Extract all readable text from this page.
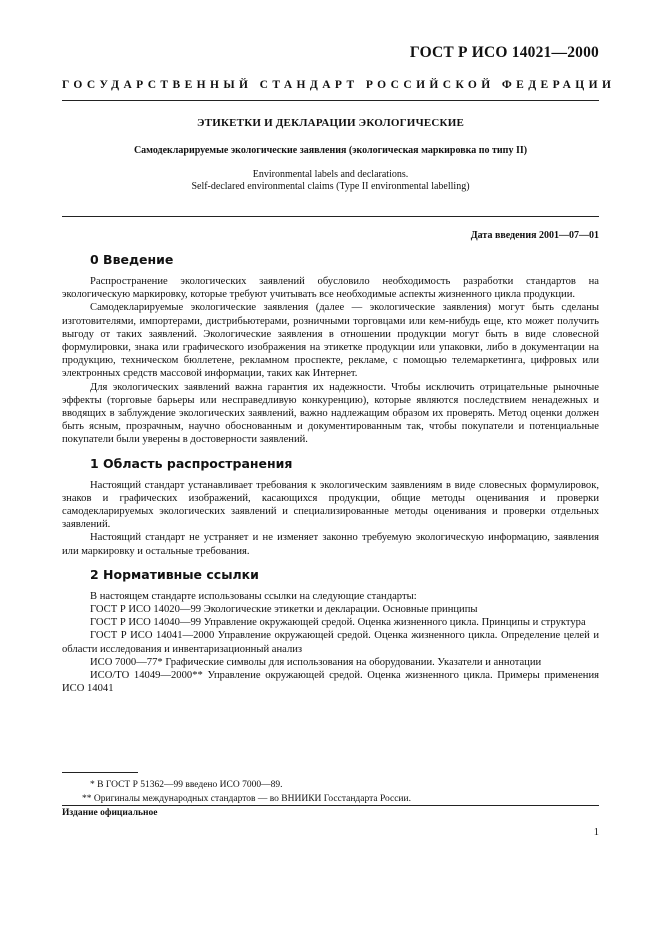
ГОСТ Р ИСО 14021—2000
ГОСУДАРСТВЕННЫЙ СТАНДАРТ РОССИЙСКОЙ ФЕДЕРАЦИИ
ЭТИКЕТКИ И ДЕКЛАРАЦИИ ЭКОЛОГИЧЕСКИЕ
Самодекларируемые экологические заявления (экологическая маркировка по типу II)
Environmental labels and declarations.
Self-declared environmental claims (Type II environmental labelling)
Дата введения 2001—07—01
0 Введение

Распространение экологических заявлений обусловило необходимость разработки стандартов на экологическую маркировку, которые требуют учитывать все необходимые аспекты жизненного цикла продукции.

Самодекларируемые экологические заявления (далее — экологические заявления) могут быть сделаны изготовителями, импортерами, дистрибьютерами, розничными торговцами или кем-нибудь еще, кто может получить выгоду от таких заявлений. Экологические заявления в отношении продукции могут быть в виде словесной формулировки, знака или графического изображения на этикетке продукции или упаковки, либо в документации на продукцию, техническом бюллетене, рекламном проспекте, рекламе, с помощью телемаркетинга, цифровых или электронных средств массовой информации, таких как Интернет.

Для экологических заявлений важна гарантия их надежности. Чтобы исключить отрицательные рыночные эффекты (торговые барьеры или несправедливую конкуренцию), которые являются последствием ненадежных и вводящих в заблуждение экологических заявлений, важно надлежащим образом их проверять. Метод оценки должен быть ясным, прозрачным, научно обоснованным и документированным так, чтобы покупатели и потенциальные покупатели были уверены в достоверности заявлений.

1 Область распространения

Настоящий стандарт устанавливает требования к экологическим заявлениям в виде словесных формулировок, знаков и графических изображений, касающихся продукции, общие методы оценивания и проверки самодекларируемых экологических заявлений и специализированные методы оценивания и проверки отдельных заявлений.

Настоящий стандарт не устраняет и не изменяет законно требуемую экологическую информацию, заявления или маркировку и остальные требования.

2 Нормативные ссылки

В настоящем стандарте использованы ссылки на следующие стандарты:

ГОСТ Р ИСО 14020—99 Экологические этикетки и декларации. Основные принципы

ГОСТ Р ИСО 14040—99 Управление окружающей средой. Оценка жизненного цикла. Принципы и структура

ГОСТ Р ИСО 14041—2000 Управление окружающей средой. Оценка жизненного цикла. Определение целей и области исследования и инвентаризационный анализ

ИСО 7000—77* Графические символы для использования на оборудовании. Указатели и аннотации

ИСО/ТО 14049—2000** Управление окружающей средой. Оценка жизненного цикла. Примеры применения ИСО 14041

* В ГОСТ Р 51362—99 введено ИСО 7000—89.
** Оригиналы международных стандартов — во ВНИИКИ Госстандарта России.
Издание официальное
1
